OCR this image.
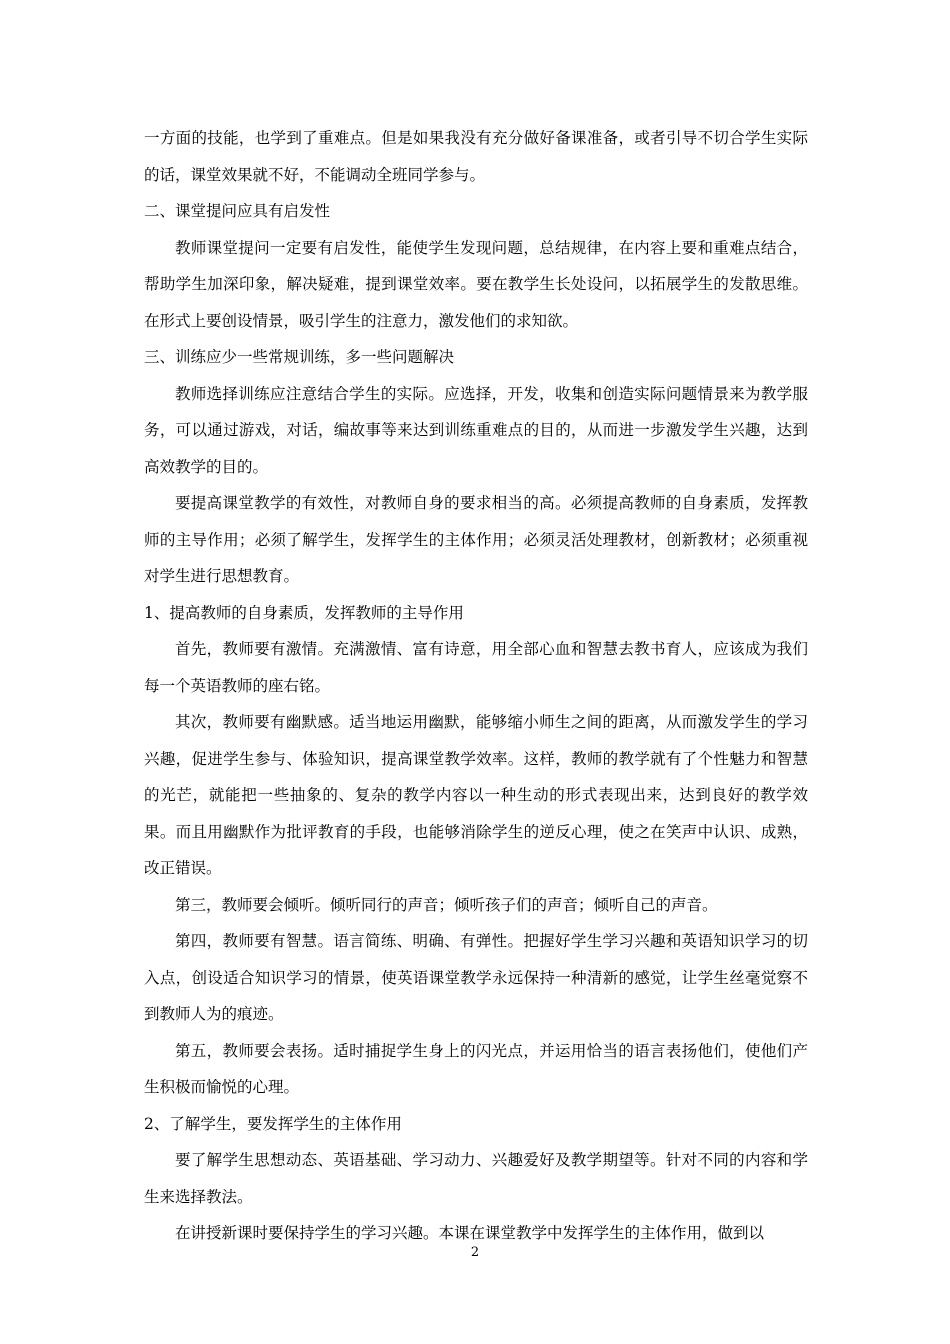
一方面的技能，也学到了重难点。但是如果我没有充分做好备课准备，或者引导不切合学生实际的话，课堂效果就不好，不能调动全班同学参与。

二、课堂提问应具有启发性

教师课堂提问一定要有启发性，能使学生发现问题，总结规律，在内容上要和重难点结合，帮助学生加深印象，解决疑难，提到课堂效率。要在教学生长处设问，以拓展学生的发散思维。在形式上要创设情景，吸引学生的注意力，激发他们的求知欲。

三、训练应少一些常规训练，多一些问题解决

教师选择训练应注意结合学生的实际。应选择，开发，收集和创造实际问题情景来为教学服务，可以通过游戏，对话，编故事等来达到训练重难点的目的，从而进一步激发学生兴趣，达到高效教学的目的。

要提高课堂教学的有效性，对教师自身的要求相当的高。必须提高教师的自身素质，发挥教师的主导作用；必须了解学生，发挥学生的主体作用；必须灵活处理教材，创新教材；必须重视对学生进行思想教育。

1、提高教师的自身素质，发挥教师的主导作用

首先，教师要有激情。充满激情、富有诗意，用全部心血和智慧去教书育人，应该成为我们每一个英语教师的座右铭。

其次，教师要有幽默感。适当地运用幽默，能够缩小师生之间的距离，从而激发学生的学习兴趣，促进学生参与、体验知识，提高课堂教学效率。这样，教师的教学就有了个性魅力和智慧的光芒，就能把一些抽象的、复杂的教学内容以一种生动的形式表现出来，达到良好的教学效果。而且用幽默作为批评教育的手段，也能够消除学生的逆反心理，使之在笑声中认识、成熟，改正错误。

第三，教师要会倾听。倾听同行的声音；倾听孩子们的声音；倾听自己的声音。

第四，教师要有智慧。语言简练、明确、有弹性。把握好学生学习兴趣和英语知识学习的切入点，创设适合知识学习的情景，使英语课堂教学永远保持一种清新的感觉，让学生丝毫觉察不到教师人为的痕迹。

第五，教师要会表扬。适时捕捉学生身上的闪光点，并运用恰当的语言表扬他们，使他们产生积极而愉悦的心理。

2、了解学生，要发挥学生的主体作用

要了解学生思想动态、英语基础、学习动力、兴趣爱好及教学期望等。针对不同的内容和学生来选择教法。

在讲授新课时要保持学生的学习兴趣。本课在课堂教学中发挥学生的主体作用，做到以

2
